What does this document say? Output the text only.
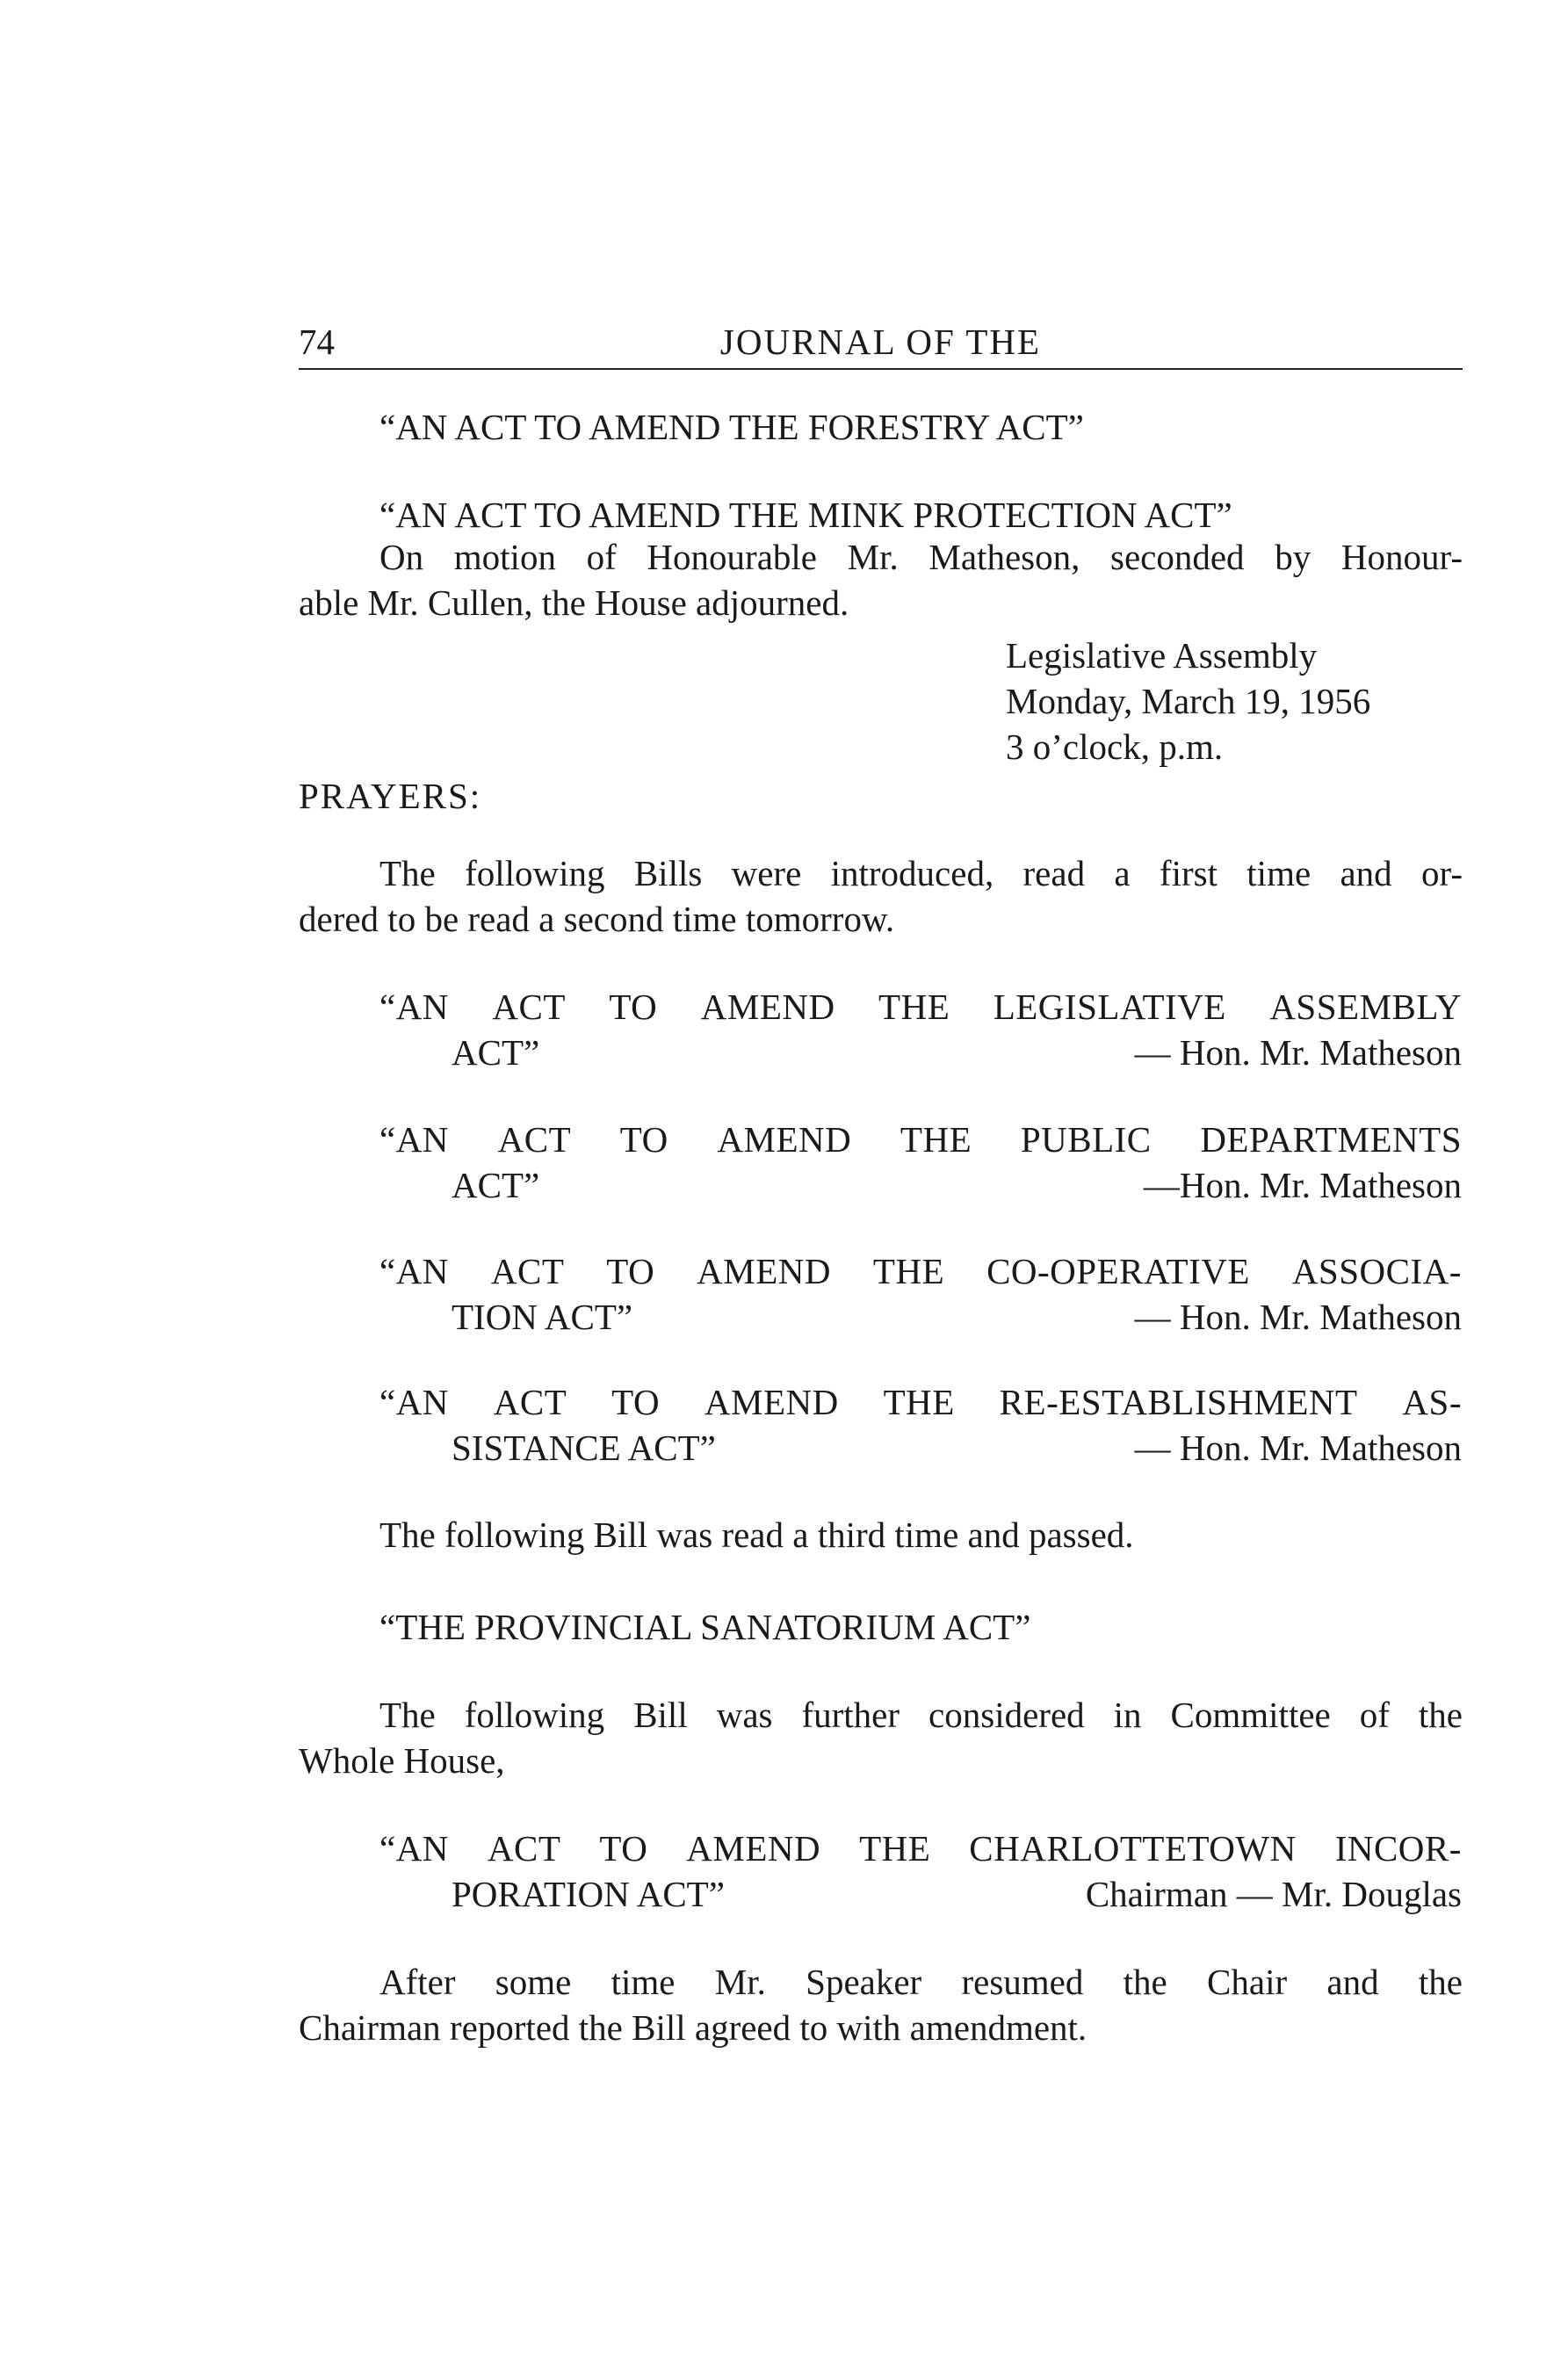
74	JOURNAL OF THE
“AN ACT TO AMEND THE FORESTRY ACT”
“AN ACT TO AMEND THE MINK PROTECTION ACT”
On motion of Honourable Mr. Matheson, seconded by Honour-
able Mr. Cullen, the House adjourned.
Legislative Assembly
Monday, March 19, 1956
3 o’clock, p.m.
PRAYERS:
The following Bills were introduced, read a first time and or-
dered to be read a second time tomorrow.
“AN ACT TO AMEND THE LEGISLATIVE ASSEMBLY
ACT”	— Hon. Mr. Matheson
“AN ACT TO AMEND THE PUBLIC DEPARTMENTS
ACT”	—Hon. Mr. Matheson
“AN ACT TO AMEND THE CO-OPERATIVE ASSOCIA-
TION ACT”	— Hon. Mr. Matheson
“AN ACT TO AMEND THE RE-ESTABLISHMENT AS-
SISTANCE ACT”	— Hon. Mr. Matheson
The following Bill was read a third time and passed.
“THE PROVINCIAL SANATORIUM ACT”
The following Bill was further considered in Committee of the
Whole House,
“AN ACT TO AMEND THE CHARLOTTETOWN INCOR-
PORATION ACT”	Chairman — Mr. Douglas
After some time Mr. Speaker resumed the Chair and the
Chairman reported the Bill agreed to with amendment.
